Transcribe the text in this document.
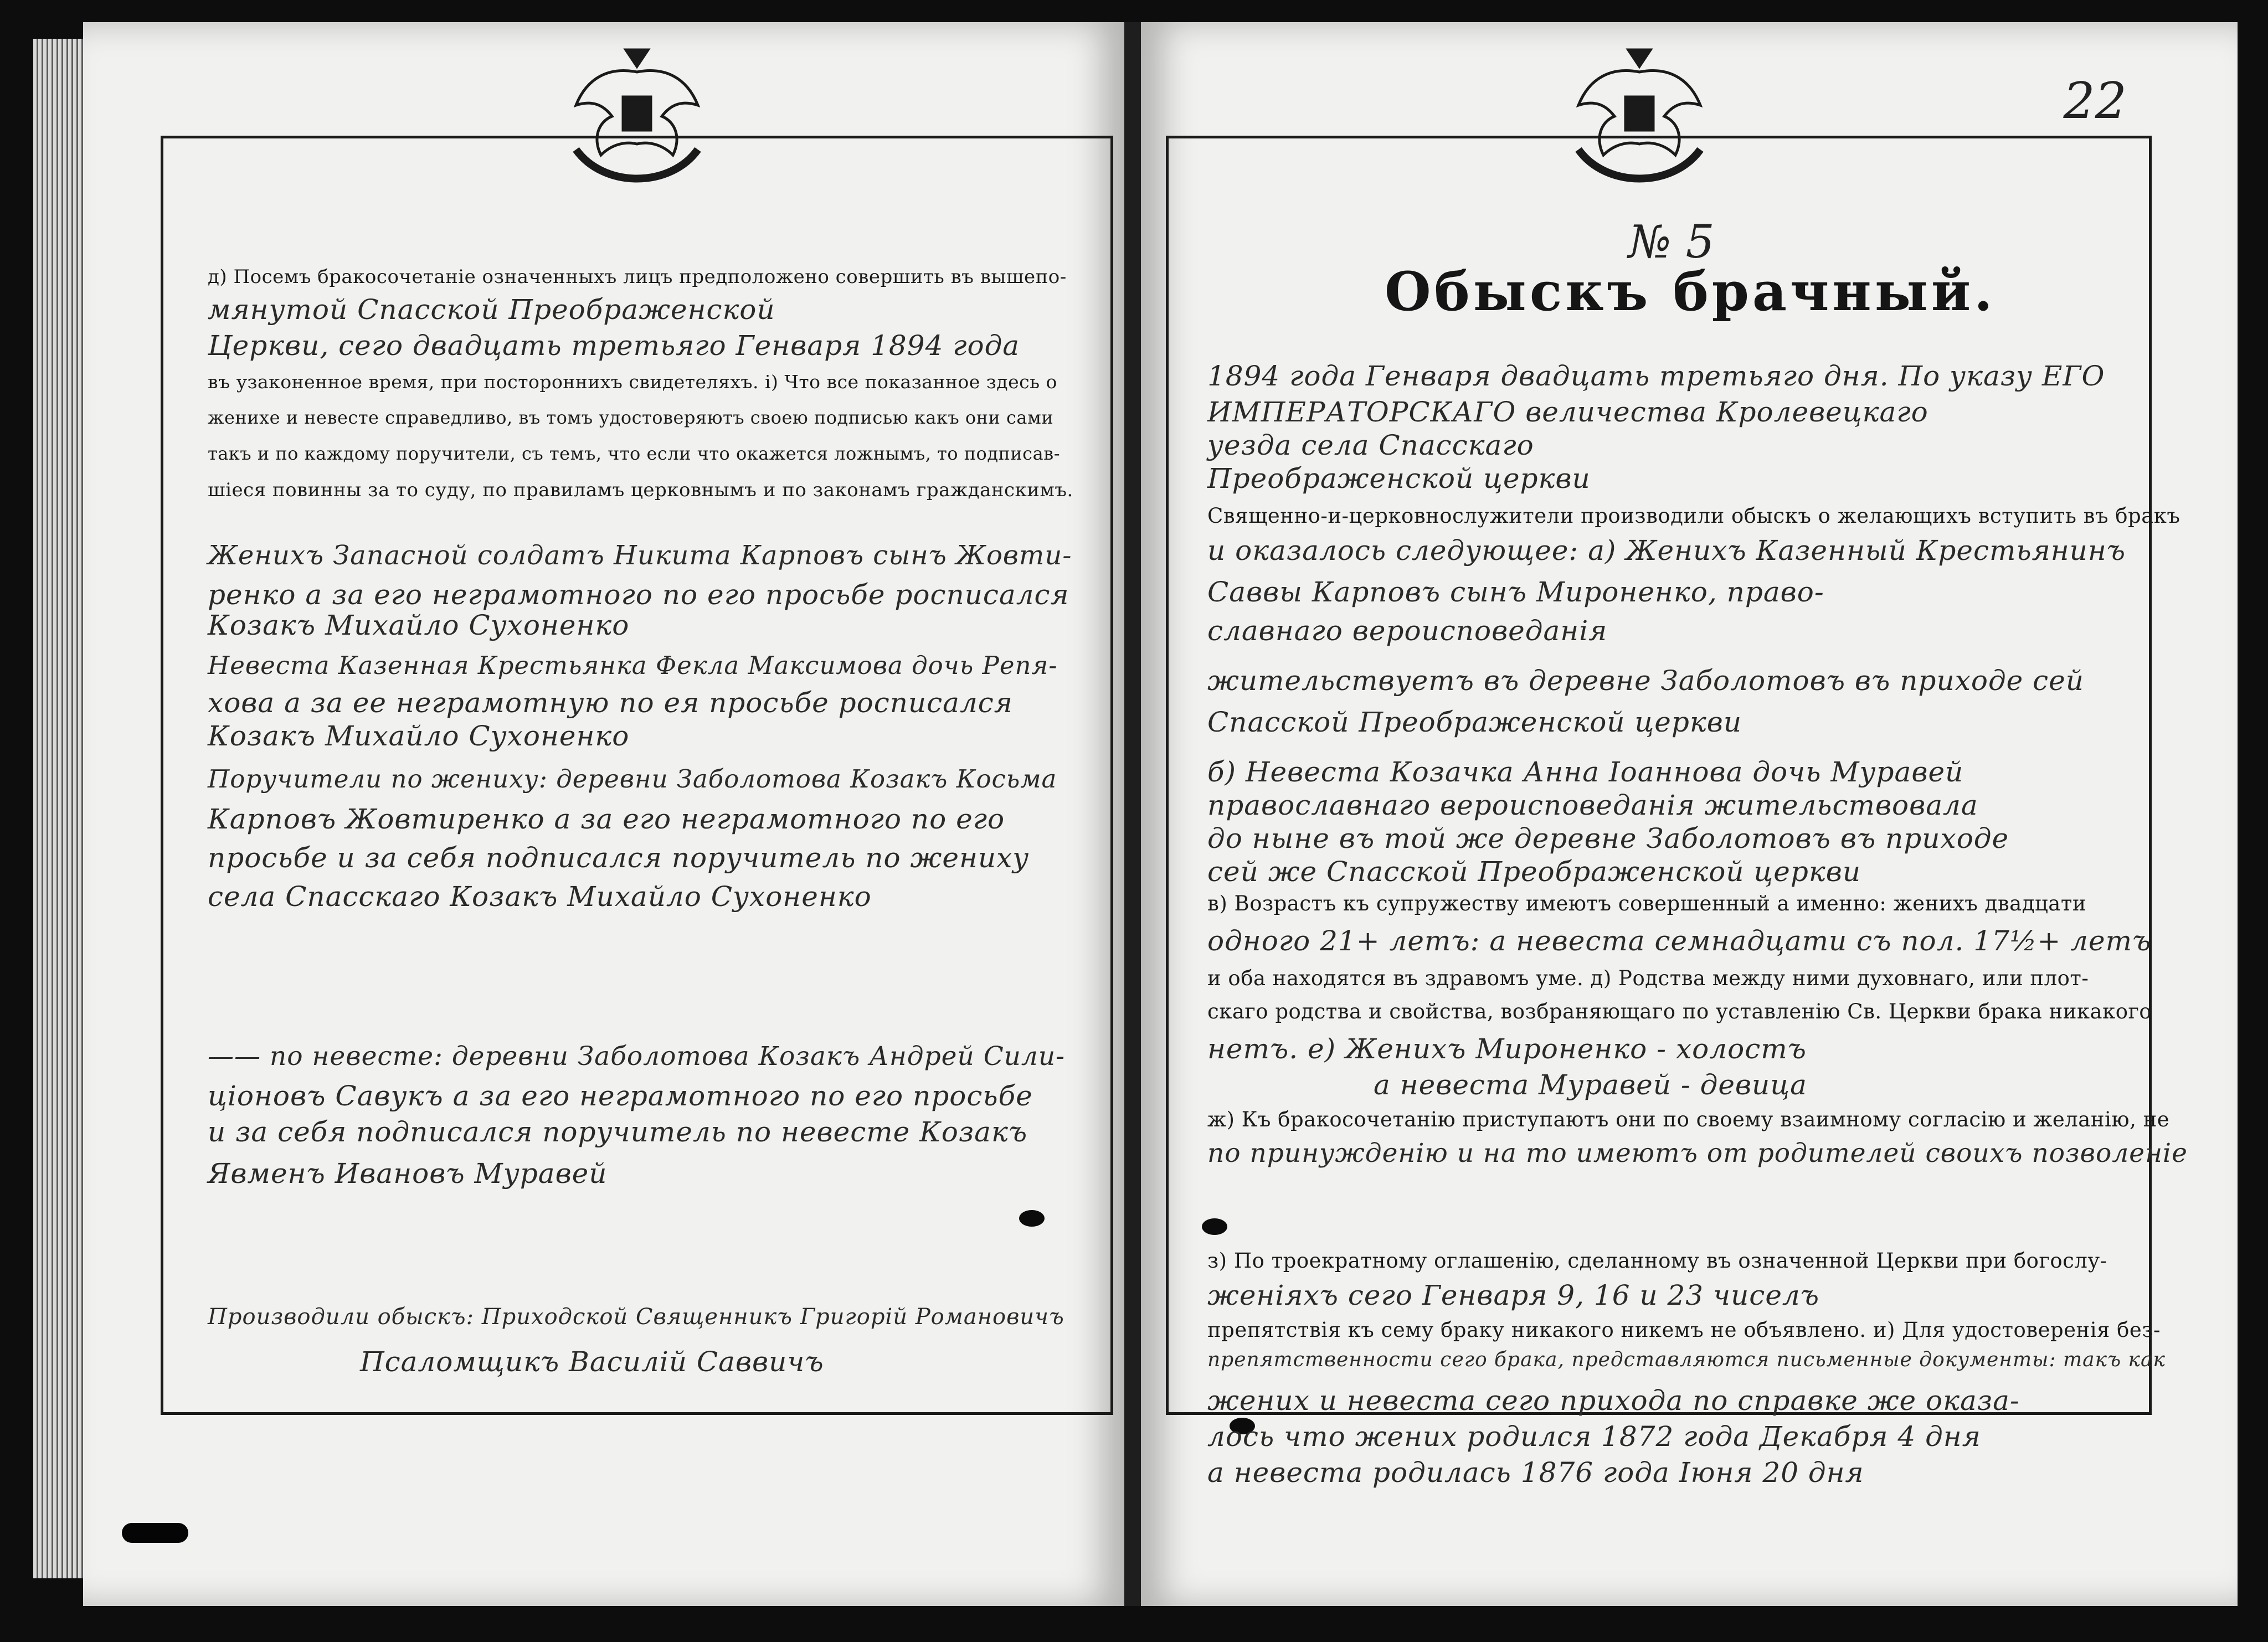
д) Посемъ бракосочетаніе означенныхъ лицъ предположено совершить въ вышепо-
мянутой Спасской Преображенской
Церкви, сего двадцать третьяго Генваря 1894 года
въ узаконенное время, при постороннихъ свидетеляхъ. і) Что все показанное здесь о
женихе и невесте справедливо, въ томъ удостоверяютъ своею подписью какъ они сами
такъ и по каждому поручители, съ темъ, что если что окажется ложнымъ, то подписав-
шіеся повинны за то суду, по правиламъ церковнымъ и по законамъ гражданскимъ.
Женихъ Запасной солдатъ Никита Карповъ сынъ Жовти-
ренко а за его неграмотного по его просьбе росписался
Козакъ Михайло Сухоненко
Невеста Казенная Крестьянка Феклa Максимова дочь Репя-
хова а за ее неграмотную по ея просьбе росписался
Козакъ Михайло Сухоненко
Поручители по жениху: деревни Заболотова Козакъ Косьма
Карповъ Жовтиренко а за его неграмотного по его
просьбе и за себя подписался поручитель по жениху
села Спасскаго Козакъ Михайло Сухоненко
—— по невесте: деревни Заболотова Козакъ Андрей Сили-
ціоновъ Савукъ а за его неграмотного по его просьбе
и за себя подписался поручитель по невесте Козакъ
Явменъ Ивановъ Муравей
Производили обыскъ: Приходской Священникъ Григорій Романовичъ
Псаломщикъ Василій Саввичъ
22
№ 5
Обыскъ брачный.
1894 года Генваря двадцать третьяго дня. По указу ЕГО
ИМПЕРАТОРСКАГО величества Кролевецкаго
уезда села Спасскаго
Преображенской церкви
Священно-и-церковнослужители производили обыскъ о желающихъ вступить въ бракъ
и оказалось следующее: а) Женихъ Казенный Крестьянинъ
Саввы Карповъ сынъ Мироненко, право-
славнаго вероисповеданія
жительствуетъ въ деревне Заболотовъ въ приходе сей
Спасской Преображенской церкви
б) Невеста Козачка Анна Іоаннова дочь Муравей
православнаго вероисповеданія жительствовала
до ныне въ той же деревне Заболотовъ въ приходе
сей же Спасской Преображенской церкви
в) Возрастъ къ супружеству имеютъ совершенный а именно: женихъ двадцати
одного 21+ летъ: а невеста семнадцати съ пол. 17½+ летъ
и оба находятся въ здравомъ уме. д) Родства между ними духовнаго, или плот-
скаго родства и свойства, возбраняющаго по уставленію Св. Церкви брака никакого
нетъ. е) Женихъ Мироненко - холостъ
а невеста Муравей - девица
ж) Къ бракосочетанію приступаютъ они по своему взаимному согласію и желанію, не
по принужденію и на то имеютъ от родителей своихъ позволеніе
з) По троекратному оглашенію, сделанному въ означенной Церкви при богослу-
женіяхъ сего Генваря 9, 16 и 23 чиселъ
препятствія къ сему браку никакого никемъ не объявлено. и) Для удостоверенія без-
препятственности сего брака, представляются письменные документы: такъ как
жених и невеста сего прихода по справке же оказа-
лось что жених родился 1872 года Декабря 4 дня
а невеста родилась 1876 года Іюня 20 дня
